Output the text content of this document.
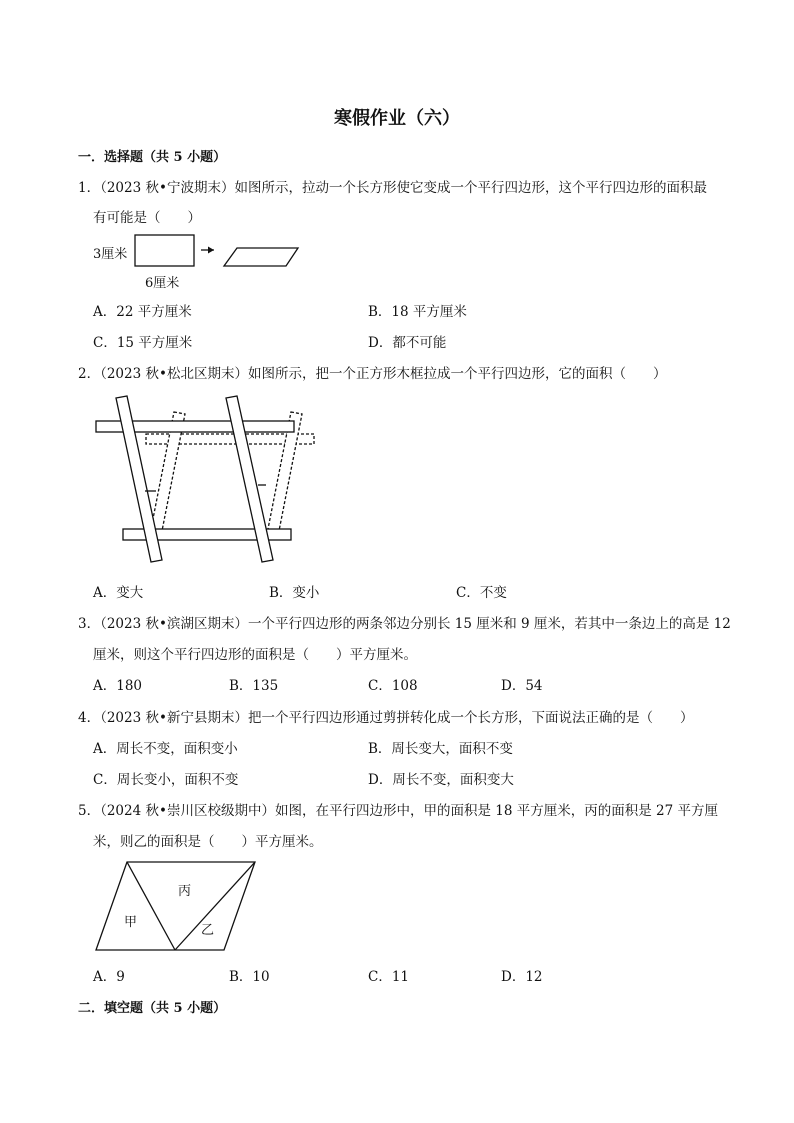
寒假作业（六）
一．选择题（共 5 小题）
1．（2023 秋•宁波期末）如图所示，拉动一个长方形使它变成一个平行四边形，这个平行四边形的面积最
有可能是（　　）
3厘米
6厘米
A．22 平方厘米	B．18 平方厘米
C．15 平方厘米	D．都不可能
2．（2023 秋•松北区期末）如图所示，把一个正方形木框拉成一个平行四边形，它的面积（　　）
A．变大	B．变小	C．不变
3．（2023 秋•滨湖区期末）一个平行四边形的两条邻边分别长 15 厘米和 9 厘米，若其中一条边上的高是 12
厘米，则这个平行四边形的面积是（　　）平方厘米。
A．180	B．135	C．108	D．54
4．（2023 秋•新宁县期末）把一个平行四边形通过剪拼转化成一个长方形，下面说法正确的是（　　）
A．周长不变，面积变小	B．周长变大，面积不变
C．周长变小，面积不变	D．周长不变，面积变大
5．（2024 秋•崇川区校级期中）如图，在平行四边形中，甲的面积是 18 平方厘米，丙的面积是 27 平方厘
米，则乙的面积是（　　）平方厘米。
甲
乙
丙
A．9	B．10	C．11	D．12
二．填空题（共 5 小题）
